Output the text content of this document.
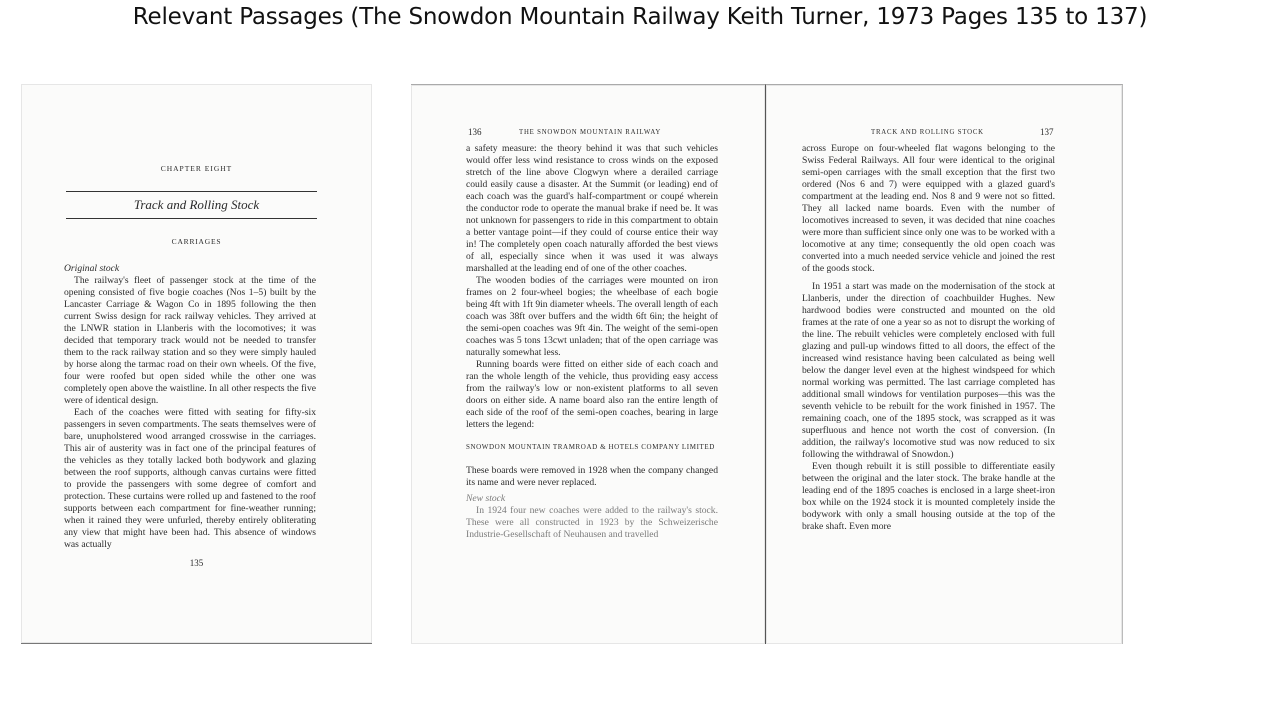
Relevant Passages (The Snowdon Mountain Railway Keith Turner, 1973 Pages 135 to 137)
CHAPTER EIGHT
Track and Rolling Stock
CARRIAGES

Original stock

The railway's fleet of passenger stock at the time of the opening consisted of five bogie coaches (Nos 1–5) built by the Lancaster Carriage & Wagon Co in 1895 following the then current Swiss design for rack railway vehicles. They arrived at the LNWR station in Llanberis with the locomotives; it was decided that temporary track would not be needed to transfer them to the rack railway station and so they were simply hauled by horse along the tarmac road on their own wheels. Of the five, four were roofed but open sided while the other one was completely open above the waistline. In all other respects the five were of identical design.

Each of the coaches were fitted with seating for fifty-six passengers in seven compartments. The seats themselves were of bare, unupholstered wood arranged crosswise in the carriages. This air of austerity was in fact one of the principal features of the vehicles as they totally lacked both bodywork and glazing between the roof supports, although canvas curtains were fitted to provide the passengers with some degree of comfort and protection. These curtains were rolled up and fastened to the roof supports between each compartment for fine-weather running; when it rained they were unfurled, thereby entirely obliterating any view that might have been had. This absence of windows was actually

135
136	THE SNOWDON MOUNTAIN RAILWAY

a safety measure: the theory behind it was that such vehicles would offer less wind resistance to cross winds on the exposed stretch of the line above Clogwyn where a derailed carriage could easily cause a disaster. At the Summit (or leading) end of each coach was the guard's half-compartment or coupé wherein the conductor rode to operate the manual brake if need be. It was not unknown for passengers to ride in this compartment to obtain a better vantage point—if they could of course entice their way in! The completely open coach naturally afforded the best views of all, especially since when it was used it was always marshalled at the leading end of one of the other coaches.

The wooden bodies of the carriages were mounted on iron frames on 2 four-wheel bogies; the wheelbase of each bogie being 4ft with 1ft 9in diameter wheels. The overall length of each coach was 38ft over buffers and the width 6ft 6in; the height of the semi-open coaches was 9ft 4in. The weight of the semi-open coaches was 5 tons 13cwt unladen; that of the open carriage was naturally somewhat less.

Running boards were fitted on either side of each coach and ran the whole length of the vehicle, thus providing easy access from the railway's low or non-existent platforms to all seven doors on either side. A name board also ran the entire length of each side of the roof of the semi-open coaches, bearing in large letters the legend:

SNOWDON MOUNTAIN TRAMROAD & HOTELS COMPANY LIMITED

These boards were removed in 1928 when the company changed its name and were never replaced.

New stock

In 1924 four new coaches were added to the railway's stock. These were all constructed in 1923 by the Schweizerische Industrie-Gesellschaft of Neuhausen and travelled

TRACK AND ROLLING STOCK	137

across Europe on four-wheeled flat wagons belonging to the Swiss Federal Railways. All four were identical to the original semi-open carriages with the small exception that the first two ordered (Nos 6 and 7) were equipped with a glazed guard's compartment at the leading end. Nos 8 and 9 were not so fitted. They all lacked name boards. Even with the number of locomotives increased to seven, it was decided that nine coaches were more than sufficient since only one was to be worked with a locomotive at any time; consequently the old open coach was converted into a much needed service vehicle and joined the rest of the goods stock.

In 1951 a start was made on the modernisation of the stock at Llanberis, under the direction of coachbuilder Hughes. New hardwood bodies were constructed and mounted on the old frames at the rate of one a year so as not to disrupt the working of the line. The rebuilt vehicles were completely enclosed with full glazing and pull-up windows fitted to all doors, the effect of the increased wind resistance having been calculated as being well below the danger level even at the highest windspeed for which normal working was permitted. The last carriage completed has additional small windows for ventilation purposes—this was the seventh vehicle to be rebuilt for the work finished in 1957. The remaining coach, one of the 1895 stock, was scrapped as it was superfluous and hence not worth the cost of conversion. (In addition, the railway's locomotive stud was now reduced to six following the withdrawal of Snowdon.)

Even though rebuilt it is still possible to differentiate easily between the original and the later stock. The brake handle at the leading end of the 1895 coaches is enclosed in a large sheet-iron box while on the 1924 stock it is mounted completely inside the bodywork with only a small housing outside at the top of the brake shaft. Even more
